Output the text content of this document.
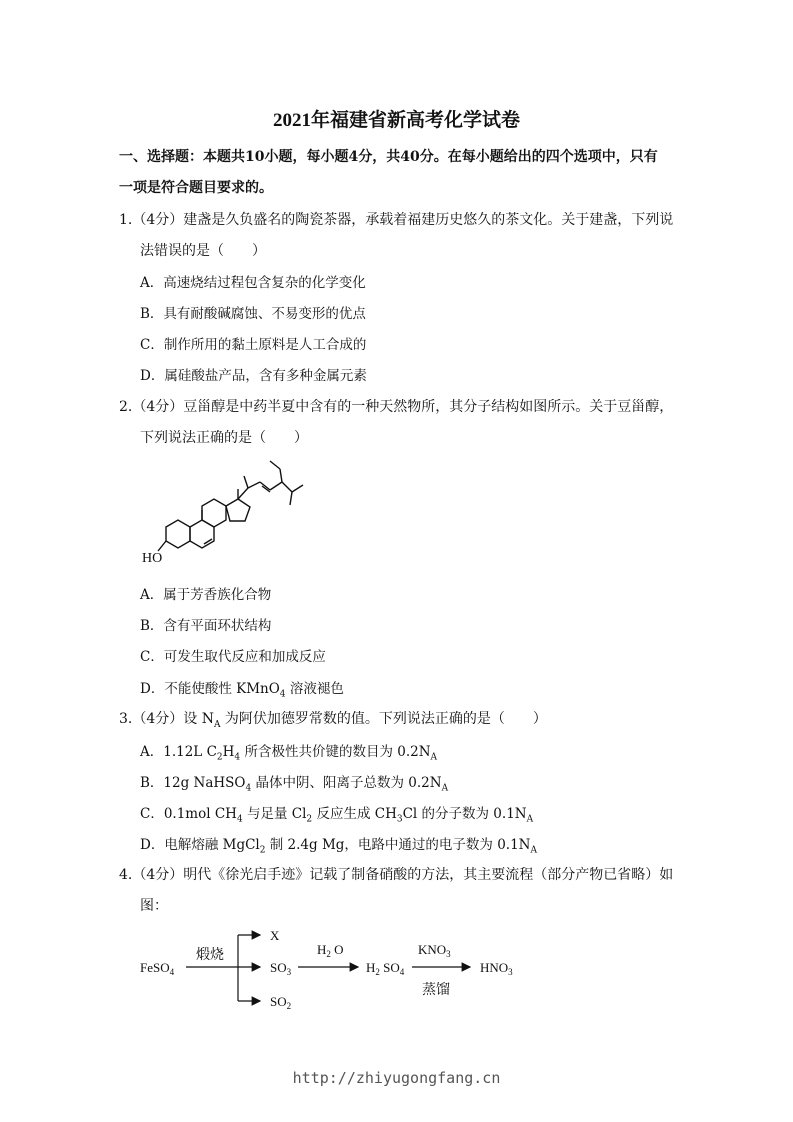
2021年福建省新高考化学试卷
一、选择题：本题共10小题，每小题4分，共40分。在每小题给出的四个选项中，只有
一项是符合题目要求的。
1.（4分）建盏是久负盛名的陶瓷茶器，承载着福建历史悠久的茶文化。关于建盏，下列说
法错误的是（　　）
A．高速烧结过程包含复杂的化学变化
B．具有耐酸碱腐蚀、不易变形的优点
C．制作所用的黏土原料是人工合成的
D．属硅酸盐产品，含有多种金属元素
2.（4分）豆甾醇是中药半夏中含有的一种天然物所，其分子结构如图所示。关于豆甾醇，
下列说法正确的是（　　）
HO
A．属于芳香族化合物
B．含有平面环状结构
C．可发生取代反应和加成反应
D．不能使酸性 KMnO$_4$ 溶液褪色
3.（4分）设 $N_A$ 为阿伏加德罗常数的值。下列说法正确的是（　　）
A．1.12L $C_2H_4$ 所含极性共价键的数目为 $0.2N_A$
B．12g NaHSO$_4$ 晶体中阴、阳离子总数为 $0.2N_A$
C．0.1mol $CH_4$ 与足量 $Cl_2$ 反应生成 $CH_3Cl$ 的分子数为 $0.1N_A$
D．电解熔融 MgCl$_2$ 制 2.4g Mg，电路中通过的电子数为 $0.1N_A$
4.（4分）明代《徐光启手迹》记载了制备硝酸的方法，其主要流程（部分产物已省略）如
图：
FeSO$_4$
煅烧
X
$SO_3$
$SO_2$
$H_2$ O
$H_2$ $SO_4$
$KNO_3$
蒸馏
$HNO_3$
http://zhiyugongfang.cn
